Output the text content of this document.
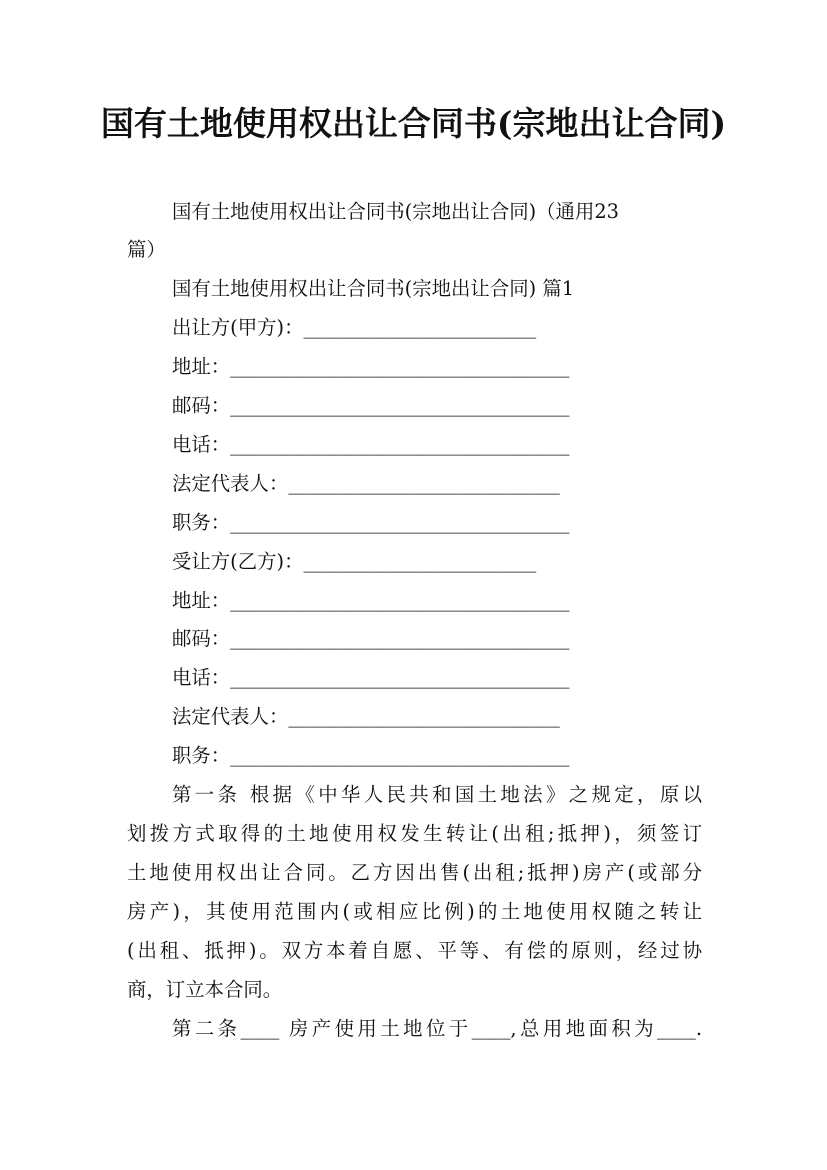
国有土地使用权出让合同书(宗地出让合同)
国有土地使用权出让合同书(宗地出让合同)（通用23
篇）
国有土地使用权出让合同书(宗地出让合同) 篇1
出让方(甲方)：________________________
地址：___________________________________
邮码：___________________________________
电话：___________________________________
法定代表人：____________________________
职务：___________________________________
受让方(乙方)：________________________
地址：___________________________________
邮码：___________________________________
电话：___________________________________
法定代表人：____________________________
职务：___________________________________
第一条 根据《中华人民共和国土地法》之规定，原以
划拨方式取得的土地使用权发生转让(出租;抵押)，须签订
土地使用权出让合同。乙方因出售(出租;抵押)房产(或部分
房产)，其使用范围内(或相应比例)的土地使用权随之转让
(出租、抵押)。双方本着自愿、平等、有偿的原则，经过协
商，订立本合同。
第二条____ 房产使用土地位于____,总用地面积为____.
